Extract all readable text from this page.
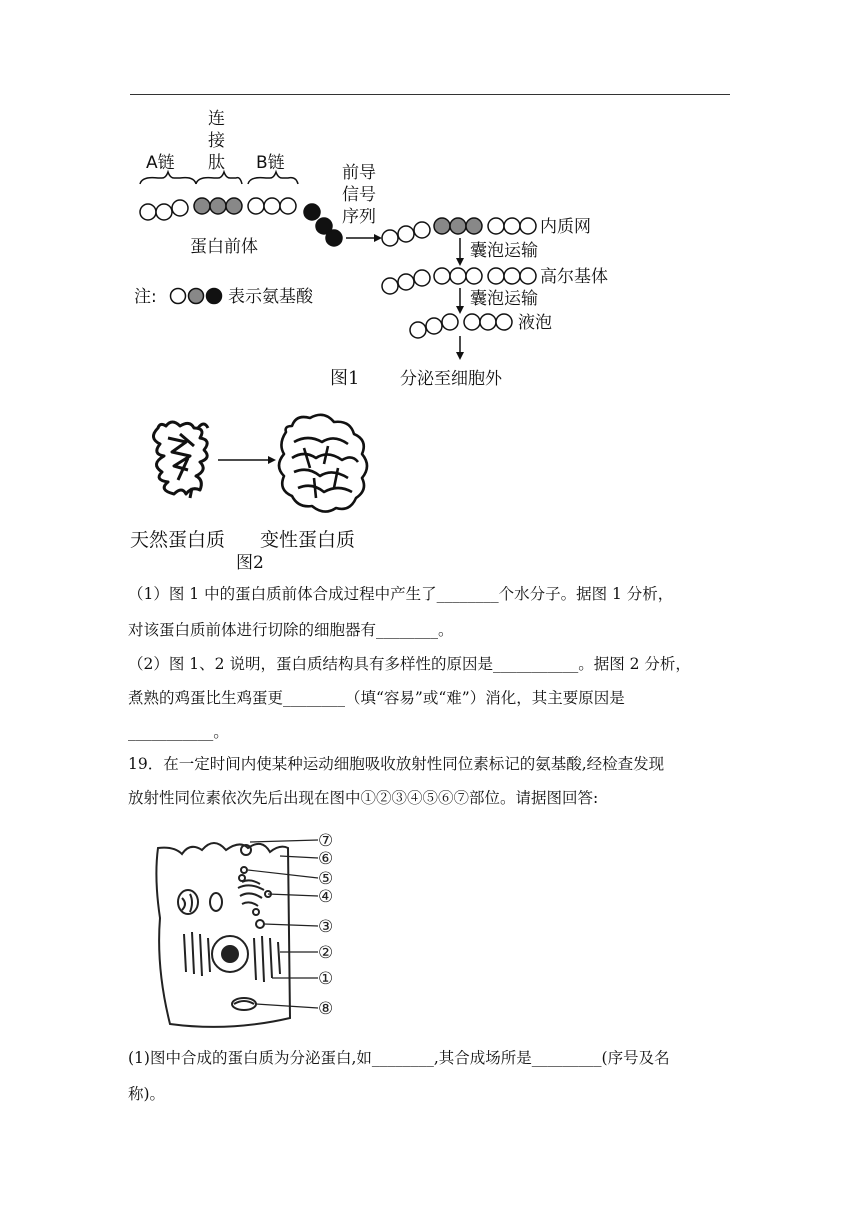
A链
连
接
肽 B链
蛋白前体
前导
信号
序列	内质网
囊泡运输
高尔基体
囊泡运输
液泡
注:	表示氨基酸
图1 分泌至细胞外
天然蛋白质 变性蛋白质
图2
（1）图 1 中的蛋白质前体合成过程中产生了________个水分子。据图 1 分析，
对该蛋白质前体进行切除的细胞器有________。
（2）图 1、2 说明，蛋白质结构具有多样性的原因是___________。据图 2 分析，
煮熟的鸡蛋比生鸡蛋更________（填“容易”或“难”）消化，其主要原因是
___________。
19．在一定时间内使某种运动细胞吸收放射性同位素标记的氨基酸,经检查发现
放射性同位素依次先后出现在图中①②③④⑤⑥⑦部位。请据图回答:
⑦
⑥
⑤
④
③
②
①
⑧
(1)图中合成的蛋白质为分泌蛋白,如________,其合成场所是_________(序号及名
称)。
